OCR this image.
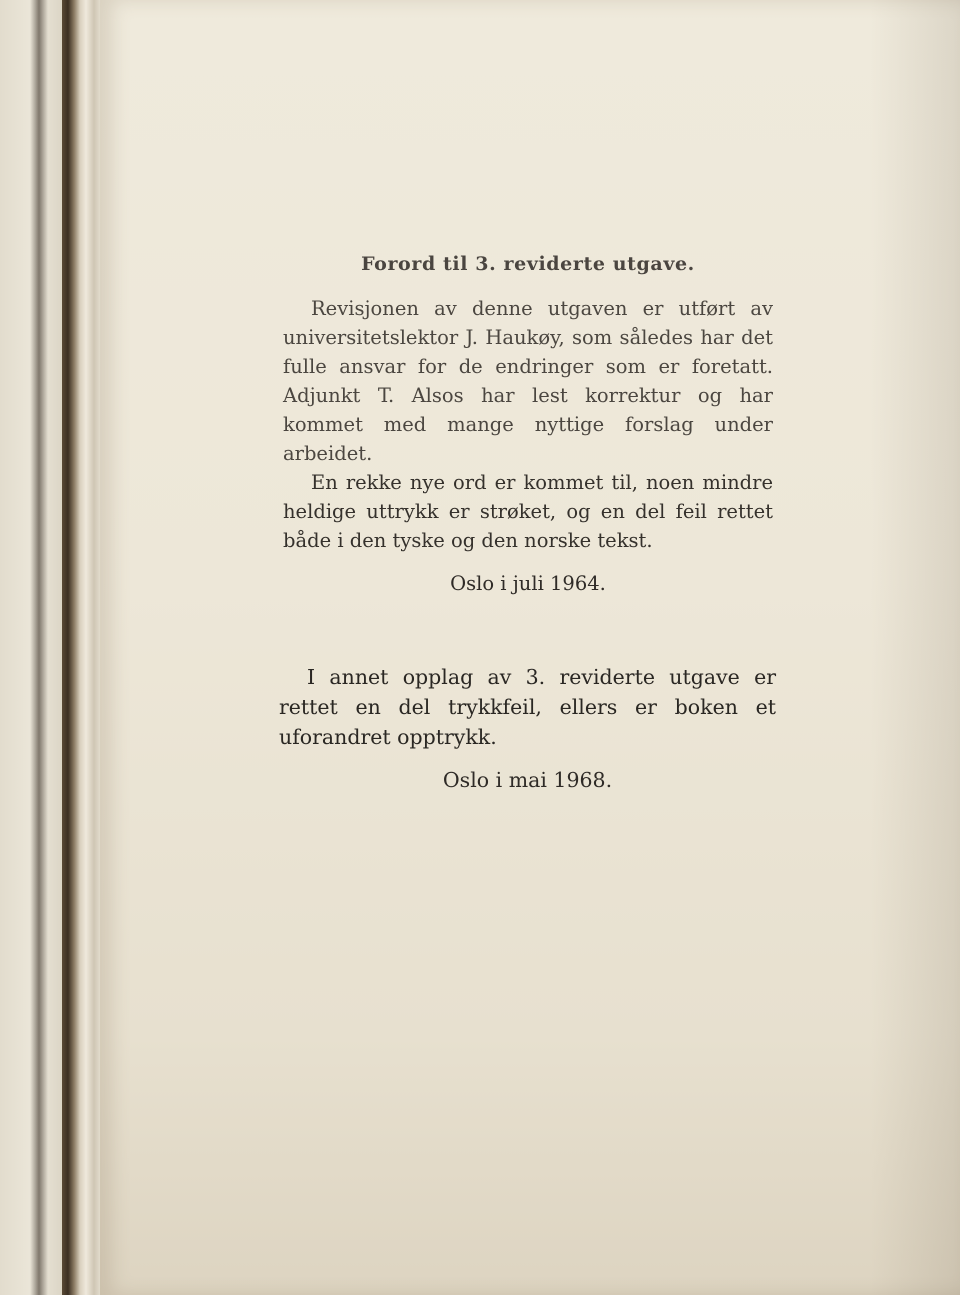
Forord til 3. reviderte utgave.

Revisjonen av denne utgaven er utført av universitetslektor J. Haukøy, som således har det fulle ansvar for de endringer som er foretatt. Adjunkt T. Alsos har lest korrektur og har kommet med mange nyttige forslag under arbeidet.

En rekke nye ord er kommet til, noen mindre heldige uttrykk er strøket, og en del feil rettet både i den tyske og den norske tekst.

Oslo i juli 1964.

I annet opplag av 3. reviderte utgave er rettet en del trykkfeil, ellers er boken et uforandret opptrykk.

Oslo i mai 1968.
